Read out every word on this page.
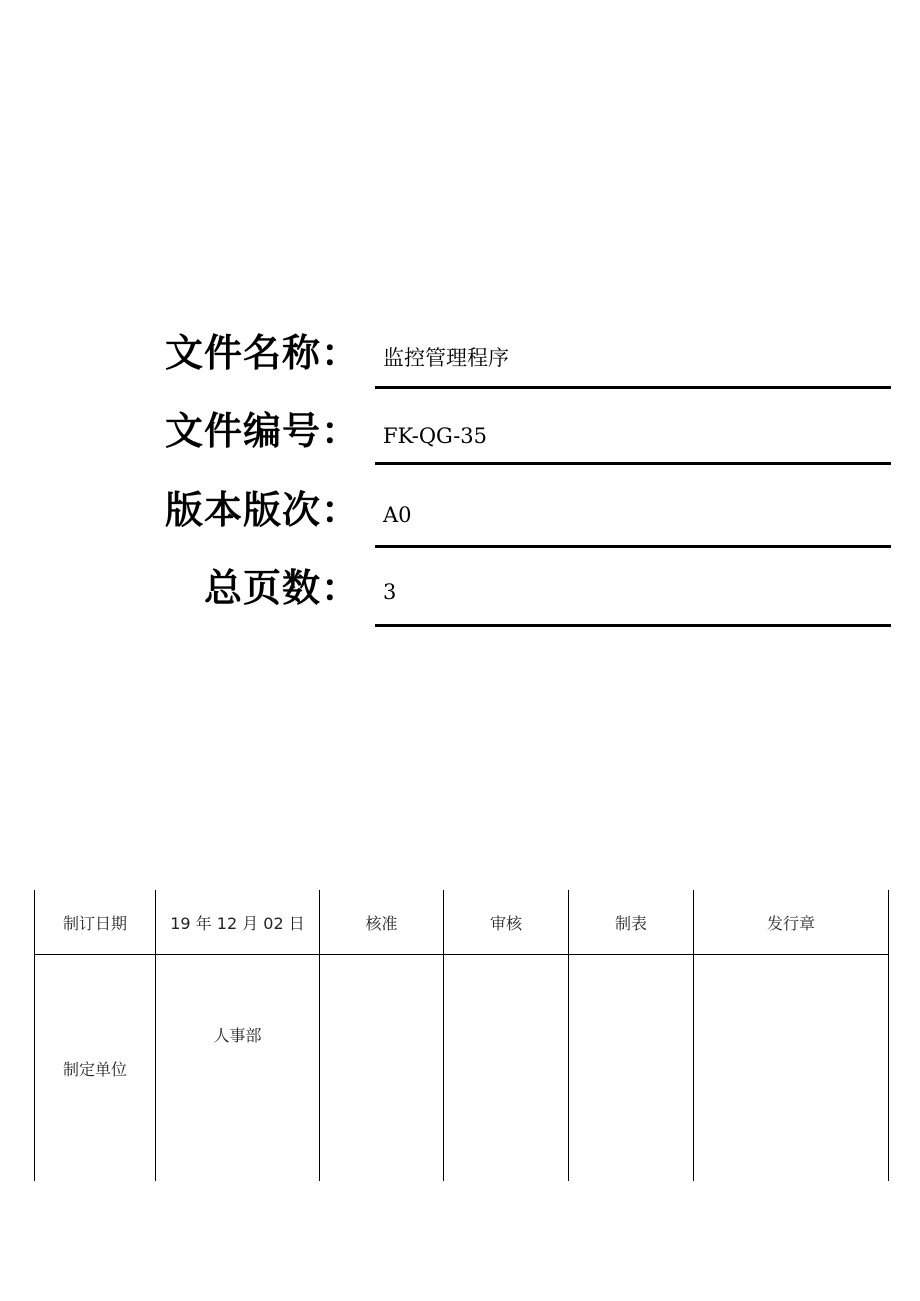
文件名称： 监控管理程序
文件编号： FK-QG-35
版本版次： A0
总页数： 3
制订日期	19 年 12 月 02 日	核准	审核	制表	发行章
制定单位	人事部				
